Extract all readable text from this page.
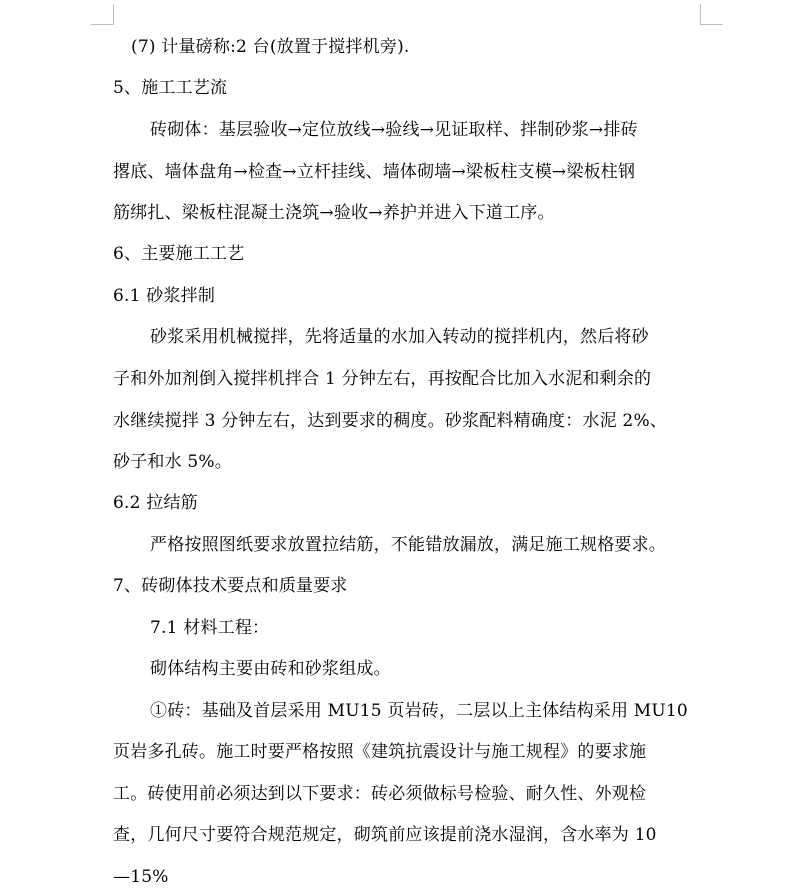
(7) 计量磅称:2 台(放置于搅拌机旁).
5、施工工艺流
砖砌体：基层验收→定位放线→验线→见证取样、拌制砂浆→排砖
撂底、墙体盘角→检查→立杆挂线、墙体砌墙→梁板柱支模→梁板柱钢
筋绑扎、梁板柱混凝土浇筑→验收→养护并进入下道工序。
6、主要施工工艺
6.1 砂浆拌制
砂浆采用机械搅拌，先将适量的水加入转动的搅拌机内，然后将砂
子和外加剂倒入搅拌机拌合 1 分钟左右，再按配合比加入水泥和剩余的
水继续搅拌 3 分钟左右，达到要求的稠度。砂浆配料精确度：水泥 2%、
砂子和水 5%。
6.2 拉结筋
严格按照图纸要求放置拉结筋，不能错放漏放，满足施工规格要求。
7、砖砌体技术要点和质量要求
7.1 材料工程：
砌体结构主要由砖和砂浆组成。
①砖：基础及首层采用 MU15 页岩砖，二层以上主体结构采用 MU10
页岩多孔砖。施工时要严格按照《建筑抗震设计与施工规程》的要求施
工。砖使用前必须达到以下要求：砖必须做标号检验、耐久性、外观检
查，几何尺寸要符合规范规定，砌筑前应该提前浇水湿润，含水率为 10
—15%
